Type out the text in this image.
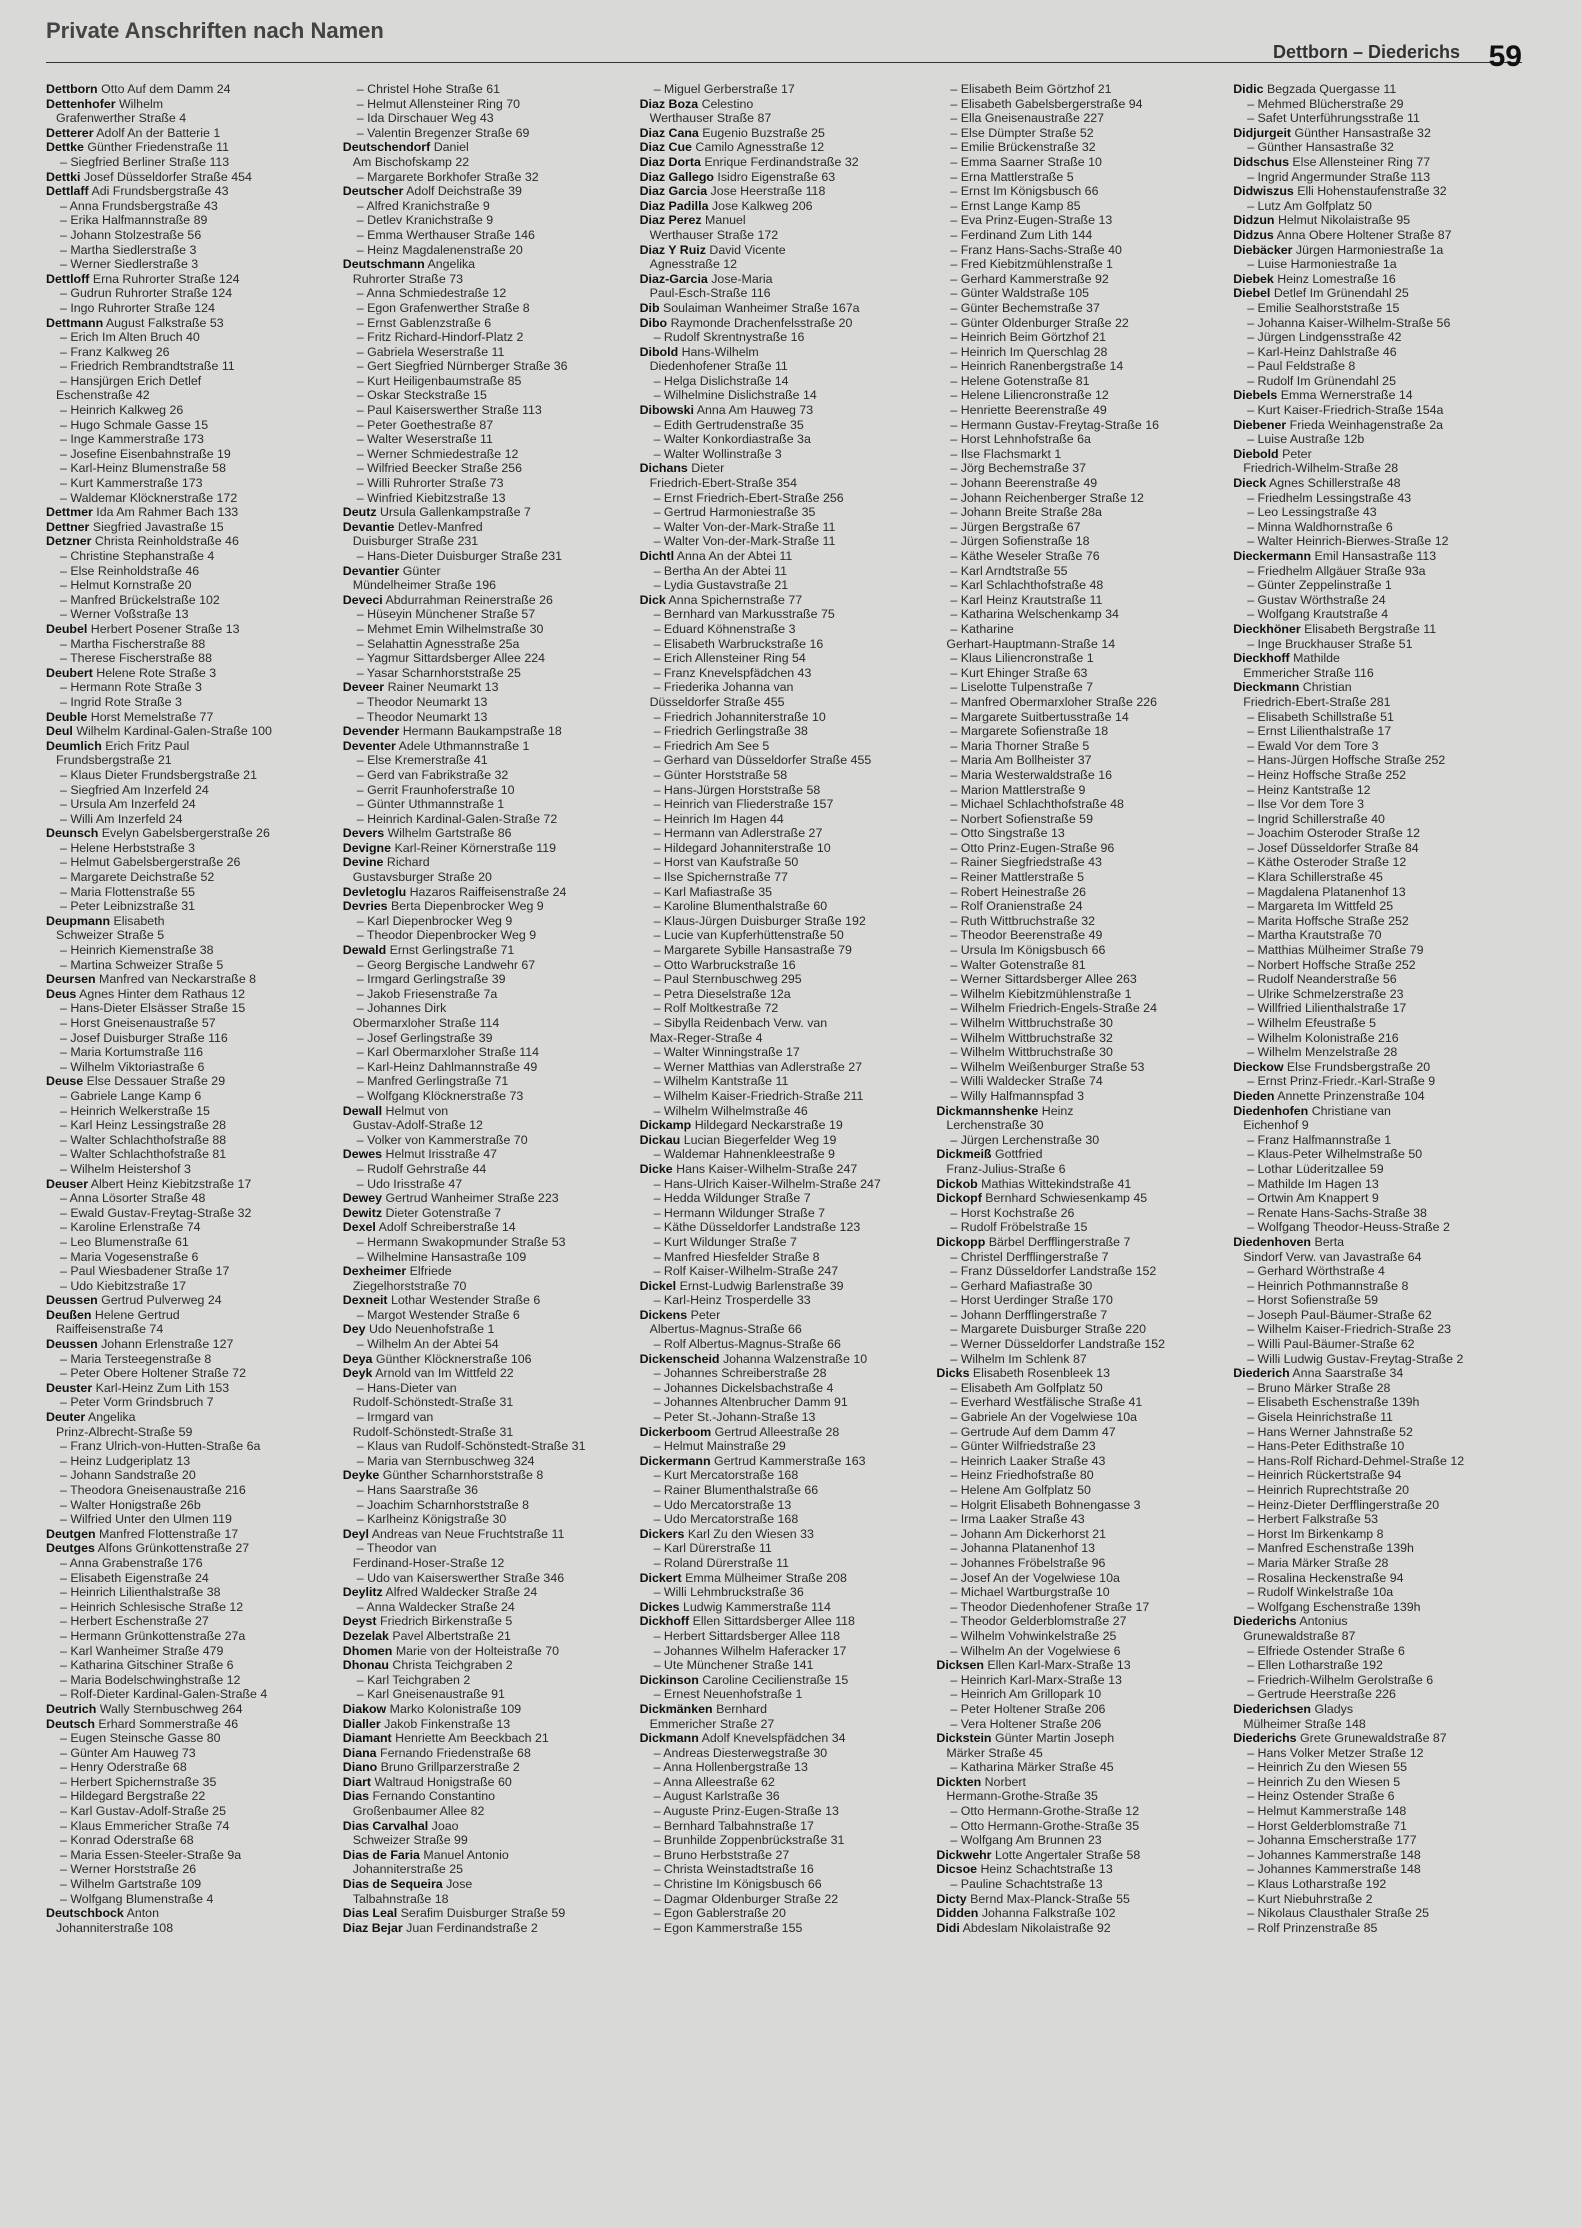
Private Anschriften nach Namen
Dettborn – Diederichs 59
Dettborn Otto Auf dem Damm 24
Dettenhofer Wilhelm
Grafenwerther Straße 4
Detterer Adolf An der Batterie 1
Dettke Günther Friedenstraße 11
– Siegfried Berliner Straße 113
Dettki Josef Düsseldorfer Straße 454
Dettlaff Adi Frundsbergstraße 43
– Anna Frundsbergstraße 43
– Erika Halfmannstraße 89
– Johann Stolzestraße 56
– Martha Siedlerstraße 3
– Werner Siedlerstraße 3
Dettloff Erna Ruhrorter Straße 124
– Gudrun Ruhrorter Straße 124
– Ingo Ruhrorter Straße 124
Dettmann August Falkstraße 53
– Erich Im Alten Bruch 40
– Franz Kalkweg 26
– Friedrich Rembrandtstraße 11
– Hansjürgen Erich Detlef
Eschenstraße 42
– Heinrich Kalkweg 26
– Hugo Schmale Gasse 15
– Inge Kammerstraße 173
– Josefine Eisenbahnstraße 19
– Karl-Heinz Blumenstraße 58
– Kurt Kammerstraße 173
– Waldemar Klöcknerstraße 172
Dettmer Ida Am Rahmer Bach 133
Dettner Siegfried Javastraße 15
Detzner Christa Reinholdstraße 46
– Christine Stephanstraße 4
– Else Reinholdstraße 46
– Helmut Kornstraße 20
– Manfred Brückelstraße 102
– Werner Voßstraße 13
Deubel Herbert Posener Straße 13
– Martha Fischerstraße 88
– Therese Fischerstraße 88
Deubert Helene Rote Straße 3
– Hermann Rote Straße 3
– Ingrid Rote Straße 3
Deuble Horst Memelstraße 77
Deul Wilhelm Kardinal-Galen-Straße 100
Deumlich Erich Fritz Paul
Frundsbergstraße 21
– Klaus Dieter Frundsbergstraße 21
– Siegfried Am Inzerfeld 24
– Ursula Am Inzerfeld 24
– Willi Am Inzerfeld 24
Deunsch Evelyn Gabelsbergerstraße 26
– Helene Herbststraße 3
– Helmut Gabelsbergerstraße 26
– Margarete Deichstraße 52
– Maria Flottenstraße 55
– Peter Leibnizstraße 31
Deupmann Elisabeth
Schweizer Straße 5
– Heinrich Kiemenstraße 38
– Martina Schweizer Straße 5
Deursen Manfred van Neckarstraße 8
Deus Agnes Hinter dem Rathaus 12
– Hans-Dieter Elsässer Straße 15
– Horst Gneisenaustraße 57
– Josef Duisburger Straße 116
– Maria Kortumstraße 116
– Wilhelm Viktoriastraße 6
Deuse Else Dessauer Straße 29
– Gabriele Lange Kamp 6
– Heinrich Welkerstraße 15
– Karl Heinz Lessingstraße 28
– Walter Schlachthofstraße 88
– Walter Schlachthofstraße 81
– Wilhelm Heistershof 3
Deuser Albert Heinz Kiebitzstraße 17
– Anna Lösorter Straße 48
– Ewald Gustav-Freytag-Straße 32
– Karoline Erlenstraße 74
– Leo Blumenstraße 61
– Maria Vogesenstraße 6
– Paul Wiesbadener Straße 17
– Udo Kiebitzstraße 17
Deussen Gertrud Pulverweg 24
Deußen Helene Gertrud
Raiffeisenstraße 74
Deussen Johann Erlenstraße 127
– Maria Tersteegenstraße 8
– Peter Obere Holtener Straße 72
Deuster Karl-Heinz Zum Lith 153
– Peter Vorm Grindsbruch 7
Deuter Angelika
Prinz-Albrecht-Straße 59
– Franz Ulrich-von-Hutten-Straße 6a
– Heinz Ludgeriplatz 13
– Johann Sandstraße 20
– Theodora Gneisenaustraße 216
– Walter Honigstraße 26b
– Wilfried Unter den Ulmen 119
Deutgen Manfred Flottenstraße 17
Deutges Alfons Grünkottenstraße 27
– Anna Grabenstraße 176
– Elisabeth Eigenstraße 24
– Heinrich Lilienthalstraße 38
– Heinrich Schlesische Straße 12
– Herbert Eschenstraße 27
– Hermann Grünkottenstraße 27a
– Karl Wanheimer Straße 479
– Katharina Gitschiner Straße 6
– Maria Bodelschwinghstraße 12
– Rolf-Dieter Kardinal-Galen-Straße 4
Deutrich Wally Sternbuschweg 264
Deutsch Erhard Sommerstraße 46
– Eugen Steinsche Gasse 80
– Günter Am Hauweg 73
– Henry Oderstraße 68
– Herbert Spichernstraße 35
– Hildegard Bergstraße 22
– Karl Gustav-Adolf-Straße 25
– Klaus Emmericher Straße 74
– Konrad Oderstraße 68
– Maria Essen-Steeler-Straße 9a
– Werner Horststraße 26
– Wilhelm Gartstraße 109
– Wolfgang Blumenstraße 4
Deutschbock Anton
Johanniterstraße 108
– Christel Hohe Straße 61
– Helmut Allensteiner Ring 70
– Ida Dirschauer Weg 43
– Valentin Bregenzer Straße 69
Deutschendorf Daniel
Am Bischofskamp 22
– Margarete Borkhofer Straße 32
Deutscher Adolf Deichstraße 39
– Alfred Kranichstraße 9
– Detlev Kranichstraße 9
– Emma Werthauser Straße 146
– Heinz Magdalenenstraße 20
Deutschmann Angelika
Ruhrorter Straße 73
– Anna Schmiedestraße 12
– Egon Grafenwerther Straße 8
– Ernst Gablenzstraße 6
– Fritz Richard-Hindorf-Platz 2
– Gabriela Weserstraße 11
– Gert Siegfried Nürnberger Straße 36
– Kurt Heiligenbaumstraße 85
– Oskar Steckstraße 15
– Paul Kaiserswerther Straße 113
– Peter Goethestraße 87
– Walter Weserstraße 11
– Werner Schmiedestraße 12
– Wilfried Beecker Straße 256
– Willi Ruhrorter Straße 73
– Winfried Kiebitzstraße 13
Deutz Ursula Gallenkampstraße 7
Devantie Detlev-Manfred
Duisburger Straße 231
– Hans-Dieter Duisburger Straße 231
Devantier Günter
Mündelheimer Straße 196
Deveci Abdurrahman Reinerstraße 26
– Hüseyin Münchener Straße 57
– Mehmet Emin Wilhelmstraße 30
– Selahattin Agnesstraße 25a
– Yagmur Sittardsberger Allee 224
– Yasar Scharnhorststraße 25
Deveer Rainer Neumarkt 13
– Theodor Neumarkt 13
– Theodor Neumarkt 13
Devender Hermann Baukampstraße 18
Deventer Adele Uthmannstraße 1
– Else Kremerstraße 41
– Gerd van Fabrikstraße 32
– Gerrit Fraunhoferstraße 10
– Günter Uthmannstraße 1
– Heinrich Kardinal-Galen-Straße 72
Devers Wilhelm Gartstraße 86
Devigne Karl-Reiner Körnerstraße 119
Devine Richard
Gustavsburger Straße 20
Devletoglu Hazaros Raiffeisenstraße 24
Devries Berta Diepenbrocker Weg 9
– Karl Diepenbrocker Weg 9
– Theodor Diepenbrocker Weg 9
Dewald Ernst Gerlingstraße 71
– Georg Bergische Landwehr 67
– Irmgard Gerlingstraße 39
– Jakob Friesenstraße 7a
– Johannes Dirk
Obermarxloher Straße 114
– Josef Gerlingstraße 39
– Karl Obermarxloher Straße 114
– Karl-Heinz Dahlmannstraße 49
– Manfred Gerlingstraße 71
– Wolfgang Klöcknerstraße 73
Dewall Helmut von
Gustav-Adolf-Straße 12
– Volker von Kammerstraße 70
Dewes Helmut Irisstraße 47
– Rudolf Gehrstraße 44
– Udo Irisstraße 47
Dewey Gertrud Wanheimer Straße 223
Dewitz Dieter Gotenstraße 7
Dexel Adolf Schreiberstraße 14
– Hermann Swakopmunder Straße 53
– Wilhelmine Hansastraße 109
Dexheimer Elfriede
Ziegelhorststraße 70
Dexneit Lothar Westender Straße 6
– Margot Westender Straße 6
Dey Udo Neuenhofstraße 1
– Wilhelm An der Abtei 54
Deya Günther Klöcknerstraße 106
Deyk Arnold van Im Wittfeld 22
– Hans-Dieter van
Rudolf-Schönstedt-Straße 31
– Irmgard van
Rudolf-Schönstedt-Straße 31
– Klaus van Rudolf-Schönstedt-Straße 31
– Maria van Sternbuschweg 324
Deyke Günther Scharnhorststraße 8
– Hans Saarstraße 36
– Joachim Scharnhorststraße 8
– Karlheinz Königstraße 30
Deyl Andreas van Neue Fruchtstraße 11
– Theodor van
Ferdinand-Hoser-Straße 12
– Udo van Kaiserswerther Straße 346
Deylitz Alfred Waldecker Straße 24
– Anna Waldecker Straße 24
Deyst Friedrich Birkenstraße 5
Dezelak Pavel Albertstraße 21
Dhomen Marie von der Holteistraße 70
Dhonau Christa Teichgraben 2
– Karl Teichgraben 2
– Karl Gneisenaustraße 91
Diakow Marko Kolonistraße 109
Dialler Jakob Finkenstraße 13
Diamant Henriette Am Beeckbach 21
Diana Fernando Friedenstraße 68
Diano Bruno Grillparzerstraße 2
Diart Waltraud Honigstraße 60
Dias Fernando Constantino
Großenbaumer Allee 82
Dias Carvalhal Joao
Schweizer Straße 99
Dias de Faria Manuel Antonio
Johanniterstraße 25
Dias de Sequeira Jose
Talbahnstraße 18
Dias Leal Serafim Duisburger Straße 59
Diaz Bejar Juan Ferdinandstraße 2
– Miguel Gerberstraße 17
Diaz Boza Celestino
Werthauser Straße 87
Diaz Cana Eugenio Buzstraße 25
Diaz Cue Camilo Agnesstraße 12
Diaz Dorta Enrique Ferdinandstraße 32
Diaz Gallego Isidro Eigenstraße 63
Diaz Garcia Jose Heerstraße 118
Diaz Padilla Jose Kalkweg 206
Diaz Perez Manuel
Werthauser Straße 172
Diaz Y Ruiz David Vicente
Agnesstraße 12
Diaz-Garcia Jose-Maria
Paul-Esch-Straße 116
Dib Soulaiman Wanheimer Straße 167a
Dibo Raymonde Drachenfelsstraße 20
– Rudolf Skrentnystraße 16
Dibold Hans-Wilhelm
Diedenhofener Straße 11
– Helga Dislichstraße 14
– Wilhelmine Dislichstraße 14
Dibowski Anna Am Hauweg 73
– Edith Gertrudenstraße 35
– Walter Konkordiastraße 3a
– Walter Wollinstraße 3
Dichans Dieter
Friedrich-Ebert-Straße 354
– Ernst Friedrich-Ebert-Straße 256
– Gertrud Harmoniestraße 35
– Walter Von-der-Mark-Straße 11
– Walter Von-der-Mark-Straße 11
Dichtl Anna An der Abtei 11
– Bertha An der Abtei 11
– Lydia Gustavstraße 21
Dick Anna Spichernstraße 77
– Bernhard van Markusstraße 75
– Eduard Köhnenstraße 3
– Elisabeth Warbruckstraße 16
– Erich Allensteiner Ring 54
– Franz Knevelspfädchen 43
– Friederika Johanna van
Düsseldorfer Straße 455
– Friedrich Johanniterstraße 10
– Friedrich Gerlingstraße 38
– Friedrich Am See 5
– Gerhard van Düsseldorfer Straße 455
– Günter Horststraße 58
– Hans-Jürgen Horststraße 58
– Heinrich van Fliederstraße 157
– Heinrich Im Hagen 44
– Hermann van Adlerstraße 27
– Hildegard Johanniterstraße 10
– Horst van Kaufstraße 50
– Ilse Spichernstraße 77
– Karl Mafiastraße 35
– Karoline Blumenthalstraße 60
– Klaus-Jürgen Duisburger Straße 192
– Lucie van Kupferhüttenstraße 50
– Margarete Sybille Hansastraße 79
– Otto Warbruckstraße 16
– Paul Sternbuschweg 295
– Petra Dieselstraße 12a
– Rolf Moltkestraße 72
– Sibylla Reidenbach Verw. van
Max-Reger-Straße 4
– Walter Winningstraße 17
– Werner Matthias van Adlerstraße 27
– Wilhelm Kantstraße 11
– Wilhelm Kaiser-Friedrich-Straße 211
– Wilhelm Wilhelmstraße 46
Dickamp Hildegard Neckarstraße 19
Dickau Lucian Biegerfelder Weg 19
– Waldemar Hahnenkleestraße 9
Dicke Hans Kaiser-Wilhelm-Straße 247
– Hans-Ulrich Kaiser-Wilhelm-Straße 247
– Hedda Wildunger Straße 7
– Hermann Wildunger Straße 7
– Käthe Düsseldorfer Landstraße 123
– Kurt Wildunger Straße 7
– Manfred Hiesfelder Straße 8
– Rolf Kaiser-Wilhelm-Straße 247
Dickel Ernst-Ludwig Barlenstraße 39
– Karl-Heinz Trosperdelle 33
Dickens Peter
Albertus-Magnus-Straße 66
– Rolf Albertus-Magnus-Straße 66
Dickenscheid Johanna Walzenstraße 10
– Johannes Schreiberstraße 28
– Johannes Dickelsbachstraße 4
– Johannes Altenbrucher Damm 91
– Peter St.-Johann-Straße 13
Dickerboom Gertrud Alleestraße 28
– Helmut Mainstraße 29
Dickermann Gertrud Kammerstraße 163
– Kurt Mercatorstraße 168
– Rainer Blumenthalstraße 66
– Udo Mercatorstraße 13
– Udo Mercatorstraße 168
Dickers Karl Zu den Wiesen 33
– Karl Dürerstraße 11
– Roland Dürerstraße 11
Dickert Emma Mülheimer Straße 208
– Willi Lehmbruckstraße 36
Dickes Ludwig Kammerstraße 114
Dickhoff Ellen Sittardsberger Allee 118
– Herbert Sittardsberger Allee 118
– Johannes Wilhelm Haferacker 17
– Ute Münchener Straße 141
Dickinson Caroline Cecilienstraße 15
– Ernest Neuenhofstraße 1
Dickmänken Bernhard
Emmericher Straße 27
Dickmann Adolf Knevelspfädchen 34
– Andreas Diesterwegstraße 30
– Anna Hollenbergstraße 13
– Anna Alleestraße 62
– August Karlstraße 36
– Auguste Prinz-Eugen-Straße 13
– Bernhard Talbahnstraße 17
– Brunhilde Zoppenbrückstraße 31
– Bruno Herbststraße 27
– Christa Weinstadtstraße 16
– Christine Im Königsbusch 66
– Dagmar Oldenburger Straße 22
– Egon Gablerstraße 20
– Egon Kammerstraße 155
– Elisabeth Beim Görtzhof 21
– Elisabeth Gabelsbergerstraße 94
– Ella Gneisenaustraße 227
– Else Dümpter Straße 52
– Emilie Brückenstraße 32
– Emma Saarner Straße 10
– Erna Mattlerstraße 5
– Ernst Im Königsbusch 66
– Ernst Lange Kamp 85
– Eva Prinz-Eugen-Straße 13
– Ferdinand Zum Lith 144
– Franz Hans-Sachs-Straße 40
– Fred Kiebitzmühlenstraße 1
– Gerhard Kammerstraße 92
– Günter Waldstraße 105
– Günter Bechemstraße 37
– Günter Oldenburger Straße 22
– Heinrich Beim Görtzhof 21
– Heinrich Im Querschlag 28
– Heinrich Ranenbergstraße 14
– Helene Gotenstraße 81
– Helene Liliencronstraße 12
– Henriette Beerenstraße 49
– Hermann Gustav-Freytag-Straße 16
– Horst Lehnhofstraße 6a
– Ilse Flachsmarkt 1
– Jörg Bechemstraße 37
– Johann Beerenstraße 49
– Johann Reichenberger Straße 12
– Johann Breite Straße 28a
– Jürgen Bergstraße 67
– Jürgen Sofienstraße 18
– Käthe Weseler Straße 76
– Karl Arndtstraße 55
– Karl Schlachthofstraße 48
– Karl Heinz Krautstraße 11
– Katharina Welschenkamp 34
– Katharine
Gerhart-Hauptmann-Straße 14
– Klaus Liliencronstraße 1
– Kurt Ehinger Straße 63
– Liselotte Tulpenstraße 7
– Manfred Obermarxloher Straße 226
– Margarete Suitbertusstraße 14
– Margarete Sofienstraße 18
– Maria Thorner Straße 5
– Maria Am Bollheister 37
– Maria Westerwaldstraße 16
– Marion Mattlerstraße 9
– Michael Schlachthofstraße 48
– Norbert Sofienstraße 59
– Otto Singstraße 13
– Otto Prinz-Eugen-Straße 96
– Rainer Siegfriedstraße 43
– Reiner Mattlerstraße 5
– Robert Heinestraße 26
– Rolf Oranienstraße 24
– Ruth Wittbruchstraße 32
– Theodor Beerenstraße 49
– Ursula Im Königsbusch 66
– Walter Gotenstraße 81
– Werner Sittardsberger Allee 263
– Wilhelm Kiebitzmühlenstraße 1
– Wilhelm Friedrich-Engels-Straße 24
– Wilhelm Wittbruchstraße 30
– Wilhelm Wittbruchstraße 32
– Wilhelm Wittbruchstraße 30
– Wilhelm Weißenburger Straße 53
– Willi Waldecker Straße 74
– Willy Halfmannspfad 3
Dickmannshenke Heinz
Lerchenstraße 30
– Jürgen Lerchenstraße 30
Dickmeiß Gottfried
Franz-Julius-Straße 6
Dickob Mathias Wittekindstraße 41
Dickopf Bernhard Schwiesenkamp 45
– Horst Kochstraße 26
– Rudolf Fröbelstraße 15
Dickopp Bärbel Derfflingerstraße 7
– Christel Derfflingerstraße 7
– Franz Düsseldorfer Landstraße 152
– Gerhard Mafiastraße 30
– Horst Uerdinger Straße 170
– Johann Derfflingerstraße 7
– Margarete Duisburger Straße 220
– Werner Düsseldorfer Landstraße 152
– Wilhelm Im Schlenk 87
Dicks Elisabeth Rosenbleek 13
– Elisabeth Am Golfplatz 50
– Everhard Westfälische Straße 41
– Gabriele An der Vogelwiese 10a
– Gertrude Auf dem Damm 47
– Günter Wilfriedstraße 23
– Heinrich Laaker Straße 43
– Heinz Friedhofstraße 80
– Helene Am Golfplatz 50
– Holgrit Elisabeth Bohnengasse 3
– Irma Laaker Straße 43
– Johann Am Dickerhorst 21
– Johanna Platanenhof 13
– Johannes Fröbelstraße 96
– Josef An der Vogelwiese 10a
– Michael Wartburgstraße 10
– Theodor Diedenhofener Straße 17
– Theodor Gelderblomstraße 27
– Wilhelm Vohwinkelstraße 25
– Wilhelm An der Vogelwiese 6
Dicksen Ellen Karl-Marx-Straße 13
– Heinrich Karl-Marx-Straße 13
– Heinrich Am Grillopark 10
– Peter Holtener Straße 206
– Vera Holtener Straße 206
Dickstein Günter Martin Joseph
Märker Straße 45
– Katharina Märker Straße 45
Dickten Norbert
Hermann-Grothe-Straße 35
– Otto Hermann-Grothe-Straße 12
– Otto Hermann-Grothe-Straße 35
– Wolfgang Am Brunnen 23
Dickwehr Lotte Angertaler Straße 58
Dicsoe Heinz Schachtstraße 13
– Pauline Schachtstraße 13
Dicty Bernd Max-Planck-Straße 55
Didden Johanna Falkstraße 102
Didi Abdeslam Nikolaistraße 92
Didic Begzada Quergasse 11
– Mehmed Blücherstraße 29
– Safet Unterführungsstraße 11
Didjurgeit Günther Hansastraße 32
– Günther Hansastraße 32
Didschus Else Allensteiner Ring 77
– Ingrid Angermunder Straße 113
Didwiszus Elli Hohenstaufenstraße 32
– Lutz Am Golfplatz 50
Didzun Helmut Nikolaistraße 95
Didzus Anna Obere Holtener Straße 87
Diebäcker Jürgen Harmoniestraße 1a
– Luise Harmoniestraße 1a
Diebek Heinz Lomestraße 16
Diebel Detlef Im Grünendahl 25
– Emilie Sealhorststraße 15
– Johanna Kaiser-Wilhelm-Straße 56
– Jürgen Lindgensstraße 42
– Karl-Heinz Dahlstraße 46
– Paul Feldstraße 8
– Rudolf Im Grünendahl 25
Diebels Emma Wernerstraße 14
– Kurt Kaiser-Friedrich-Straße 154a
Diebener Frieda Weinhagenstraße 2a
– Luise Austraße 12b
Diebold Peter
Friedrich-Wilhelm-Straße 28
Dieck Agnes Schillerstraße 48
– Friedhelm Lessingstraße 43
– Leo Lessingstraße 43
– Minna Waldhornstraße 6
– Walter Heinrich-Bierwes-Straße 12
Dieckermann Emil Hansastraße 113
– Friedhelm Allgäuer Straße 93a
– Günter Zeppelinstraße 1
– Gustav Wörthstraße 24
– Wolfgang Krautstraße 4
Dieckhöner Elisabeth Bergstraße 11
– Inge Bruckhauser Straße 51
Dieckhoff Mathilde
Emmericher Straße 116
Dieckmann Christian
Friedrich-Ebert-Straße 281
– Elisabeth Schillstraße 51
– Ernst Lilienthalstraße 17
– Ewald Vor dem Tore 3
– Hans-Jürgen Hoffsche Straße 252
– Heinz Hoffsche Straße 252
– Heinz Kantstraße 12
– Ilse Vor dem Tore 3
– Ingrid Schillerstraße 40
– Joachim Osteroder Straße 12
– Josef Düsseldorfer Straße 84
– Käthe Osteroder Straße 12
– Klara Schillerstraße 45
– Magdalena Platanenhof 13
– Margareta Im Wittfeld 25
– Marita Hoffsche Straße 252
– Martha Krautstraße 70
– Matthias Mülheimer Straße 79
– Norbert Hoffsche Straße 252
– Rudolf Neanderstraße 56
– Ulrike Schmelzerstraße 23
– Willfried Lilienthalstraße 17
– Wilhelm Efeustraße 5
– Wilhelm Kolonistraße 216
– Wilhelm Menzelstraße 28
Dieckow Else Frundsbergstraße 20
– Ernst Prinz-Friedr.-Karl-Straße 9
Dieden Annette Prinzenstraße 104
Diedenhofen Christiane van
Eichenhof 9
– Franz Halfmannstraße 1
– Klaus-Peter Wilhelmstraße 50
– Lothar Lüderitzallee 59
– Mathilde Im Hagen 13
– Ortwin Am Knappert 9
– Renate Hans-Sachs-Straße 38
– Wolfgang Theodor-Heuss-Straße 2
Diedenhoven Berta
Sindorf Verw. van Javastraße 64
– Gerhard Wörthstraße 4
– Heinrich Pothmannstraße 8
– Horst Sofienstraße 59
– Joseph Paul-Bäumer-Straße 62
– Wilhelm Kaiser-Friedrich-Straße 23
– Willi Paul-Bäumer-Straße 62
– Willi Ludwig Gustav-Freytag-Straße 2
Diederich Anna Saarstraße 34
– Bruno Märker Straße 28
– Elisabeth Eschenstraße 139h
– Gisela Heinrichstraße 11
– Hans Werner Jahnstraße 52
– Hans-Peter Edithstraße 10
– Hans-Rolf Richard-Dehmel-Straße 12
– Heinrich Rückertstraße 94
– Heinrich Ruprechtstraße 20
– Heinz-Dieter Derfflingerstraße 20
– Herbert Falkstraße 53
– Horst Im Birkenkamp 8
– Manfred Eschenstraße 139h
– Maria Märker Straße 28
– Rosalina Heckenstraße 94
– Rudolf Winkelstraße 10a
– Wolfgang Eschenstraße 139h
Diederichs Antonius
Grunewaldstraße 87
– Elfriede Ostender Straße 6
– Ellen Lotharstraße 192
– Friedrich-Wilhelm Gerolstraße 6
– Gertrude Heerstraße 226
Diederichsen Gladys
Mülheimer Straße 148
Diederichs Grete Grunewaldstraße 87
– Hans Volker Metzer Straße 12
– Heinrich Zu den Wiesen 55
– Heinrich Zu den Wiesen 5
– Heinz Ostender Straße 6
– Helmut Kammerstraße 148
– Horst Gelderblomstraße 71
– Johanna Emscherstraße 177
– Johannes Kammerstraße 148
– Johannes Kammerstraße 148
– Klaus Lotharstraße 192
– Kurt Niebuhrstraße 2
– Nikolaus Clausthaler Straße 25
– Rolf Prinzenstraße 85
